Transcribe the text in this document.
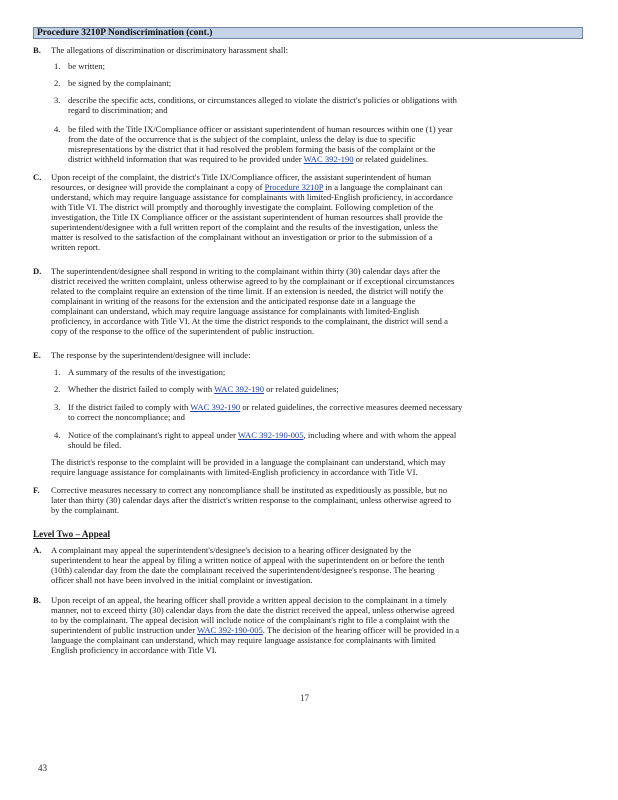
Procedure 3210P Nondiscrimination (cont.)
B. The allegations of discrimination or discriminatory harassment shall:
1. be written;
2. be signed by the complainant;
3. describe the specific acts, conditions, or circumstances alleged to violate the district's policies or obligations with
regard to discrimination; and
4. be filed with the Title IX/Compliance officer or assistant superintendent of human resources within one (1) year
from the date of the occurrence that is the subject of the complaint, unless the delay is due to specific
misrepresentations by the district that it had resolved the problem forming the basis of the complaint or the
district withheld information that was required to be provided under WAC 392-190 or related guidelines.
C. Upon receipt of the complaint, the district's Title IX/Compliance officer, the assistant superintendent of human
resources, or designee will provide the complainant a copy of Procedure 3210P in a language the complainant can
understand, which may require language assistance for complainants with limited-English proficiency, in accordance
with Title VI. The district will promptly and thoroughly investigate the complaint. Following completion of the
investigation, the Title IX Compliance officer or the assistant superintendent of human resources shall provide the
superintendent/designee with a full written report of the complaint and the results of the investigation, unless the
matter is resolved to the satisfaction of the complainant without an investigation or prior to the submission of a
written report.
D. The superintendent/designee shall respond in writing to the complainant within thirty (30) calendar days after the
district received the written complaint, unless otherwise agreed to by the complainant or if exceptional circumstances
related to the complaint require an extension of the time limit. If an extension is needed, the district will notify the
complainant in writing of the reasons for the extension and the anticipated response date in a language the
complainant can understand, which may require language assistance for complainants with limited-English
proficiency, in accordance with Title VI. At the time the district responds to the complainant, the district will send a
copy of the response to the office of the superintendent of public instruction.
E. The response by the superintendent/designee will include:
1. A summary of the results of the investigation;
2. Whether the district failed to comply with WAC 392-190 or related guidelines;
3. If the district failed to comply with WAC 392-190 or related guidelines, the corrective measures deemed necessary
to correct the noncompliance; and
4. Notice of the complainant's right to appeal under WAC 392-190-005, including where and with whom the appeal
should be filed.
The district's response to the complaint will be provided in a language the complainant can understand, which may
require language assistance for complainants with limited-English proficiency in accordance with Title VI.
F. Corrective measures necessary to correct any noncompliance shall be instituted as expeditiously as possible, but no
later than thirty (30) calendar days after the district's written response to the complainant, unless otherwise agreed to
by the complainant.
Level Two – Appeal
A. A complainant may appeal the superintendent's/designee's decision to a hearing officer designated by the
superintendent to hear the appeal by filing a written notice of appeal with the superintendent on or before the tenth
(10th) calendar day from the date the complainant received the superintendent/designee's response. The hearing
officer shall not have been involved in the initial complaint or investigation.
B. Upon receipt of an appeal, the hearing officer shall provide a written appeal decision to the complainant in a timely
manner, not to exceed thirty (30) calendar days from the date the district received the appeal, unless otherwise agreed
to by the complainant. The appeal decision will include notice of the complainant's right to file a complaint with the
superintendent of public instruction under WAC 392-190-005. The decision of the hearing officer will be provided in a
language the complainant can understand, which may require language assistance for complainants with limited
English proficiency in accordance with Title VI.
17
43
